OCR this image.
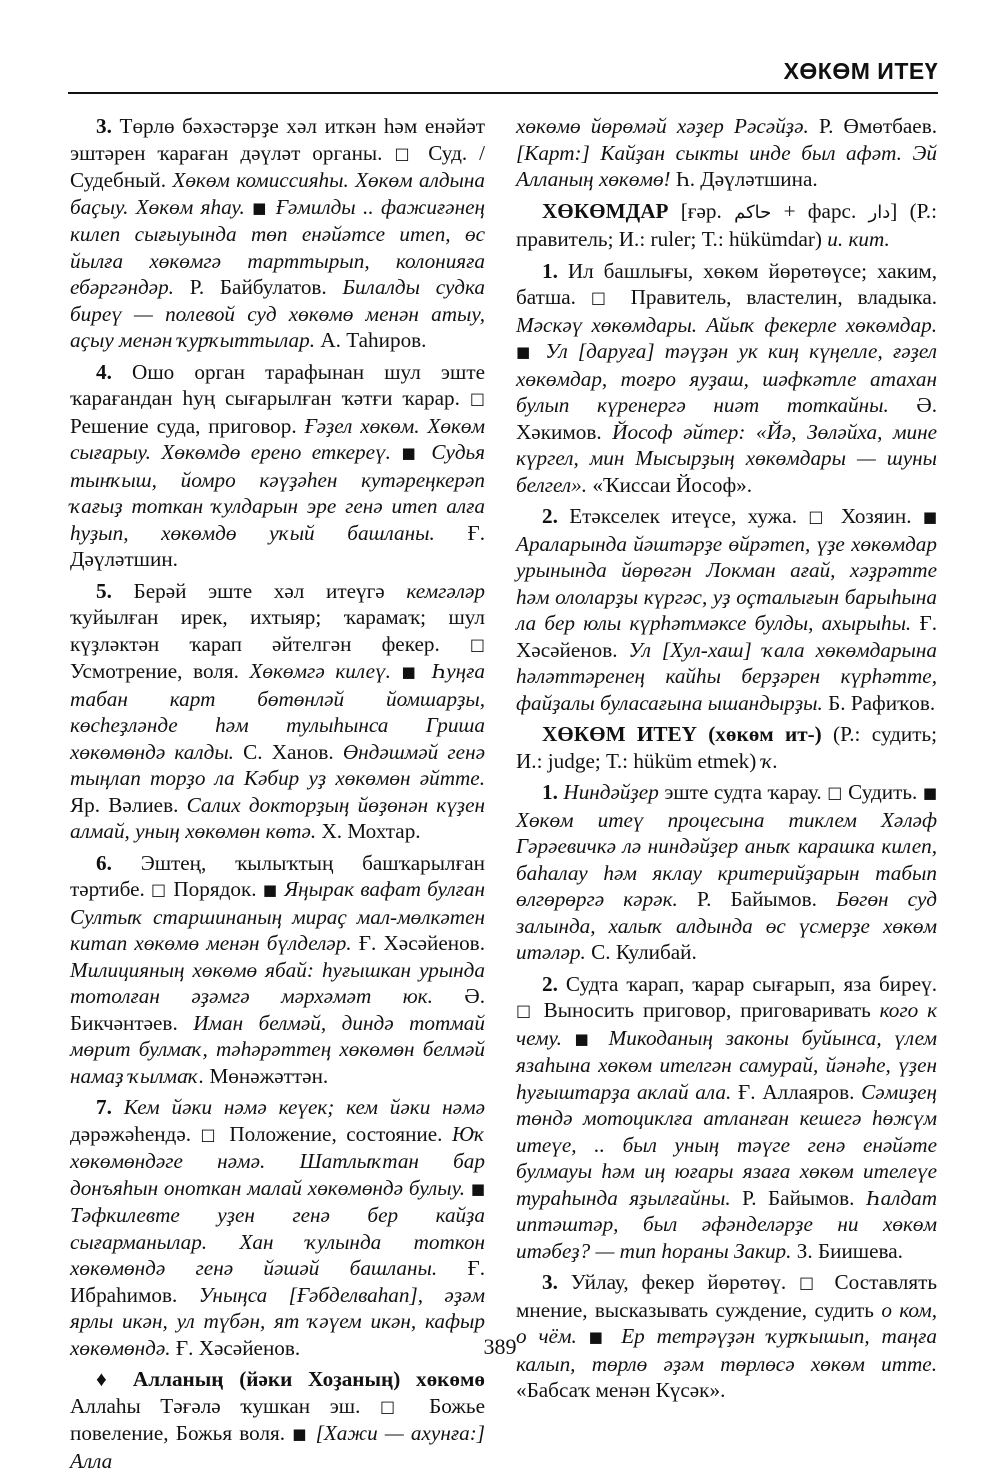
ХӨКӨМ ИТЕҮ

3. Төрлө бәхәстәрҙе хәл иткән һәм енәйәт эштәрен ҡараған дәүләт органы. □ Суд. / Судебный. Хөкөм комиссияһы. Хөкөм алдына баҫыу. Хөкөм яһау. ■ Ғәмилды .. фажиғәнең килеп сығыуында төп енәйәтсе итеп, өс йылға хөкөмгә тарттырып, колонияға ебәргәндәр. Р. Байбулатов. Билалды судка биреү — полевой суд хөкөмө менән атыу, аҫыу менән ҡурҡыттылар. А. Таһиров.

4. Ошо орган тарафынан шул эште ҡарағандан һуң сығарылған ҡәтғи ҡарар. □ Решение суда, приговор. Ғәҙел хөкөм. Хөкөм сығарыу. Хөкөмдө ерено еткереү. ■ Судья тынҡыш, йомро кәүҙәһен кутәреңкерәп ҡағыҙ тоткан ҡулдарын эре генә итеп алға һуҙып, хөкөмдө уҡый башланы. Ғ. Дәүләтшин.

5. Берәй эште хәл итеүгә кемгәләр ҡуйылған ирек, ихтыяр; ҡарамаҡ; шул күҙләктән ҡарап әйтелгән фекер. □ Усмотрение, воля. Хөкөмгә килеү. ■ Һуңға табан карт бөтөнләй йомшарҙы, көсһеҙләнде һәм тулыһынса Гриша хөкөмөндә калды. С. Ханов. Өндәшмәй генә тыңлап торҙо ла Кәбир уҙ хөкөмөн әйтте. Яр. Вәлиев. Салих докторҙың йөҙөнән күҙен алмай, уның хөкөмөн көтә. Х. Мохтар.

6. Эштең, ҡылыҡтың башҡарылған тәртибе. □ Порядок. ■ Яңырак вафат булған Султыҡ старшинаның мираҫ мал-мөлкәтен китап хөкөмө менән бүлделәр. Ғ. Хәсәйенов. Милицияның хөкөмө ябай: һуғышкан урында тотолған әҙәмгә мәрхәмәт юк. Ә. Бикчәнтәев. Иман белмәй, диндә тотмай мөрит булмаҡ, тәһәрәттең хөкөмөн белмәй намаҙ ҡылмаҡ. Мөнәжәттән.

7. Кем йәки нәмә кеүек; кем йәки нәмә дәрәжәһендә. □ Положение, состояние. Юҡ хөкөмөндәге нәмә. Шатлыҡтан бар донъяһын оноткан малай хөкөмөндә булыу. ■ Тәфкилевте уҙен генә бер кайҙа сығарманылар. Хан ҡулында тоткон хөкөмөндә генә йәшәй башланы. Ғ. Ибраһимов. Уныңса [Ғәбделваһап], әҙәм ярлы икән, ул түбән, ят ҡәүем икән, кафыр хөкөмөндә. Ғ. Хәсәйенов.

♦ Алланың (йәки Хоҙаның) хөкөмө Аллаһы Тәғәлә ҡушкан эш. □ Божье повеление, Божья воля. ■ [Хажи — ахунға:] Алла

хөкөмө йөрөмәй хәҙер Рәсәйҙә. Р. Өмөтбаев. [Карт:] Кайҙан сыкты инде был афәт. Эй Алланың хөкөмө! Һ. Дәүләтшина.

ХӨКӨМДАР [ғәр. حاكم + фарс. دار] (Р.: правитель; И.: ruler; Т.: hükümdar) и. кит.

1. Ил башлығы, хөкөм йөрөтөүсе; хаким, батша. □ Правитель, властелин, владыка. Мәскәү хөкөмдары. Айыҡ фекерле хөкөмдар. ■ Ул [дарyға] тәүҙән ук киң күңелле, ғәҙел хөкөмдар, тоғро яуҙаш, шәфкәтле атахан булып күренергә ниәт тоткайны. Ә. Хәкимов. Йософ әйтер: «Йә, Зөләйха, мине күргел, мин Мысырҙың хөкөмдары — шуны белгел». «Ҡиссаи Йософ».

2. Етәкселек итеүсе, хужа. □ Хозяин. ■ Араларында йәштәрҙе өйрәтеп, үҙе хөкөмдар урынында йөрөгән Локман ағай, хәҙрәтте һәм ололарҙы күргәс, уҙ оҫталығын барыһына ла бер юлы күрһәтмәксе булды, ахырыһы. Ғ. Хәсәйенов. Ул [Хул-хаш] ҡала хөкөмдарына һәләттәренең кайһы берҙәрен күрһәтте, файҙалы буласағына ышандырҙы. Б. Рафиҡов.

ХӨКӨМ ИТЕҮ (хөкөм ит-) (Р.: судить; И.: judge; Т.: hüküm etmek) ҡ.

1. Ниндәйҙер эште судта ҡарау. □ Судить. ■ Хөкөм итеү процесына тиклем Хәләф Гәрәевичкә лә ниндәйҙер аныҡ карашка килеп, баһалау һәм яклау критерийҙарын табып өлгөрөргә кәрәк. Р. Байымов. Бөгөн суд залында, халыҡ алдында өс үсмерҙе хөкөм итәләр. С. Кулибай.

2. Судта ҡарап, ҡарар сығарып, яза биреү. □ Выносить приговор, приговаривать кого к чему. ■ Микоданың законы буйынса, үлем язаһына хөкөм ителгән самурай, йәнәһе, үҙен һуғыштарҙа аклай ала. Ғ. Аллаяров. Сәмиҙең төндә мотоциклға атланған кешегә һөжүм итеүе, .. был уның тәүге генә енәйәте булмауы һәм иң юғары язаға хөкөм ителеүе тураһында яҙылғайны. Р. Байымов. Һалдат иптәштәр, был әфәнделәрҙе ни хөкөм итәбеҙ? — тип һораны Закир. З. Биишева.

3. Уйлау, фекер йөрөтөү. □ Составлять мнение, высказывать суждение, судить о ком, о чём. ■ Ер тетрәүҙән ҡурҡышып, таңға калып, төрлө әҙәм төрлөсә хөкөм итте. «Бабсаҡ менән Күсәк».

389
